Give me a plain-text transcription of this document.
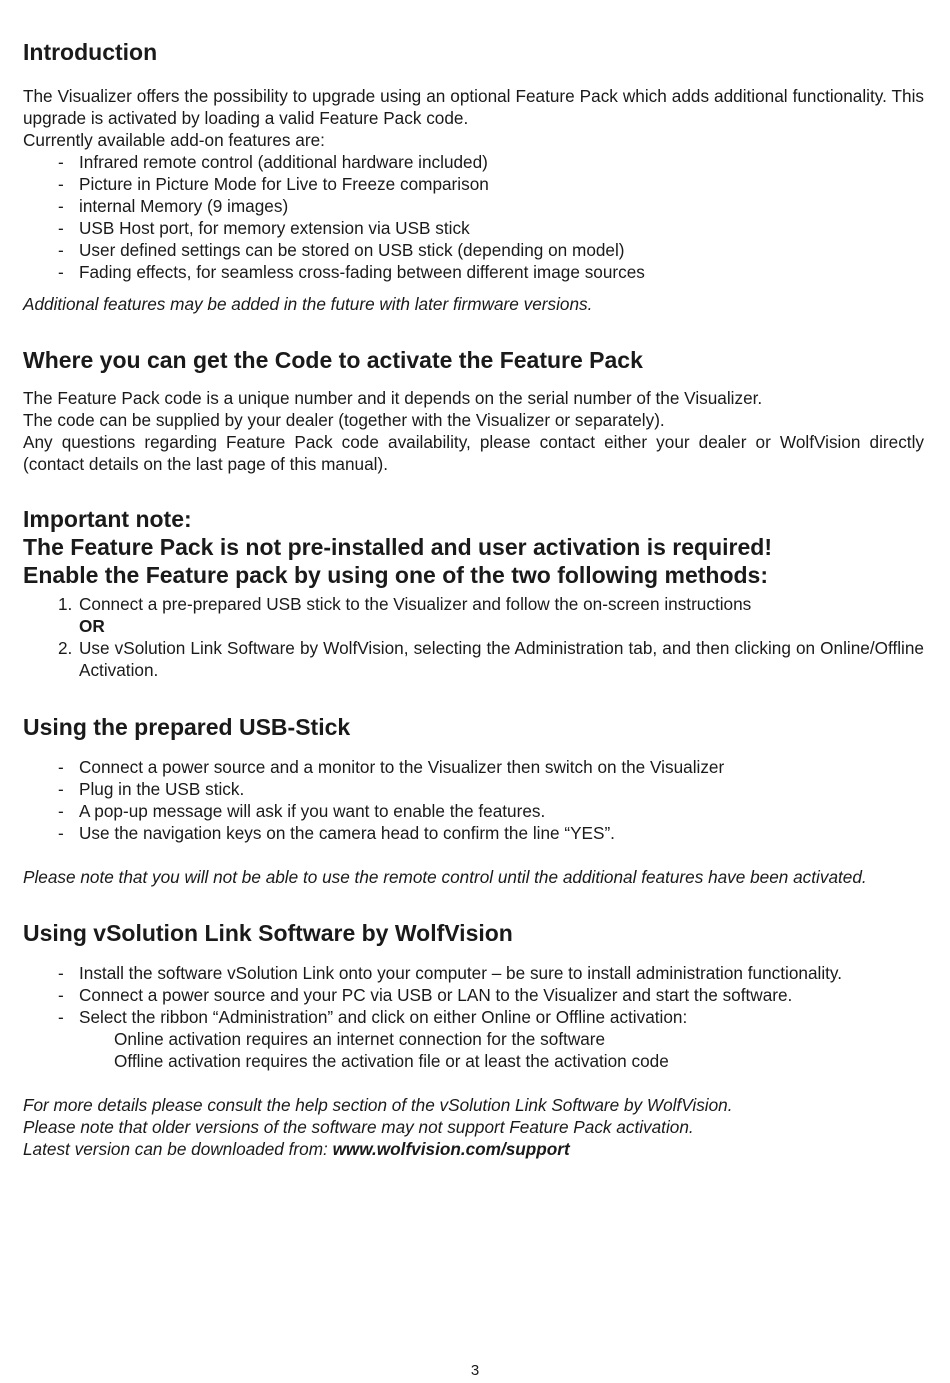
Introduction

The Visualizer offers the possibility to upgrade using an optional Feature Pack which adds additional functionality. This upgrade is activated by loading a valid Feature Pack code.

Currently available add-on features are:

- Infrared remote control (additional hardware included)
- Picture in Picture Mode for Live to Freeze comparison
- internal Memory (9 images)
- USB Host port, for memory extension via USB stick
- User defined settings can be stored on USB stick (depending on model)
- Fading effects, for seamless cross-fading between different image sources

Additional features may be added in the future with later firmware versions.

Where you can get the Code to activate the Feature Pack

The Feature Pack code is a unique number and it depends on the serial number of the Visualizer.

The code can be supplied by your dealer (together with the Visualizer or separately).

Any questions regarding Feature Pack code availability, please contact either your dealer or WolfVision directly (contact details on the last page of this manual).

Important note:
The Feature Pack is not pre-installed and user activation is required!
Enable the Feature pack by using one of the two following methods:
1. Connect a pre-prepared USB stick to the Visualizer and follow the on-screen instructions
OR
2. Use vSolution Link Software by WolfVision, selecting the Administration tab, and then clicking on Online/Offline Activation.
Using the prepared USB-Stick
- Connect a power source and a monitor to the Visualizer then switch on the Visualizer
- Plug in the USB stick.
- A pop-up message will ask if you want to enable the features.
- Use the navigation keys on the camera head to confirm the line “YES”.

Please note that you will not be able to use the remote control until the additional features have been activated.

Using vSolution Link Software by WolfVision
- Install the software vSolution Link onto your computer – be sure to install administration functionality.
- Connect a power source and your PC via USB or LAN to the Visualizer and start the software.
- Select the ribbon “Administration” and click on either Online or Offline activation:

Online activation requires an internet connection for the software

Offline activation requires the activation file or at least the activation code

For more details please consult the help section of the vSolution Link Software by WolfVision.

Please note that older versions of the software may not support Feature Pack activation.

Latest version can be downloaded from: www.wolfvision.com/support

3
